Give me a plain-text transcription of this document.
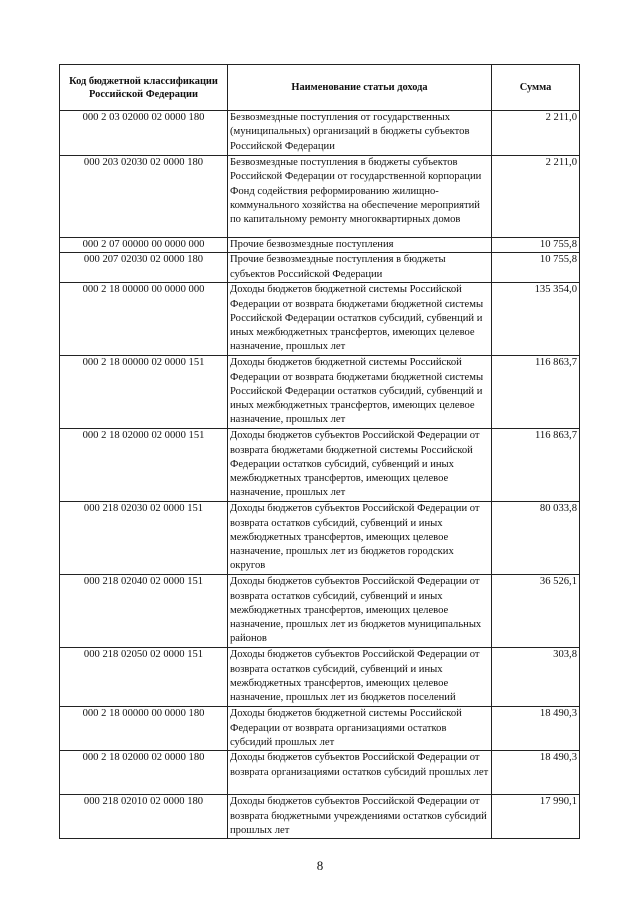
Код бюджетной классификации Российской Федерации	Наименование статьи дохода	Сумма
000 2 03 02000 02 0000 180	Безвозмездные поступления от государственных (муниципальных) организаций в бюджеты субъектов Российской Федерации	2 211,0
000 203 02030 02 0000 180	Безвозмездные поступления в бюджеты субъектов Российской Федерации от государственной корпорации Фонд содействия реформированию жилищно-коммунального хозяйства на обеспечение мероприятий по капитальному ремонту многоквартирных домов	2 211,0
000 2 07 00000 00 0000 000	Прочие безвозмездные поступления	10 755,8
000 207 02030 02 0000 180	Прочие безвозмездные поступления в бюджеты субъектов Российской Федерации	10 755,8
000 2 18 00000 00 0000 000	Доходы бюджетов бюджетной системы Российской Федерации от возврата бюджетами бюджетной системы Российской Федерации остатков субсидий, субвенций и иных межбюджетных трансфертов, имеющих целевое назначение, прошлых лет	135 354,0
000 2 18 00000 02 0000 151	Доходы бюджетов бюджетной системы Российской Федерации от возврата бюджетами бюджетной системы Российской Федерации остатков субсидий, субвенций и иных межбюджетных трансфертов, имеющих целевое назначение, прошлых лет	116 863,7
000 2 18 02000 02 0000 151	Доходы бюджетов субъектов Российской Федерации от возврата бюджетами бюджетной системы Российской Федерации остатков субсидий, субвенций и иных межбюджетных трансфертов, имеющих целевое назначение, прошлых лет	116 863,7
000 218 02030 02 0000 151	Доходы бюджетов субъектов Российской Федерации от возврата остатков субсидий, субвенций и иных межбюджетных трансфертов, имеющих целевое назначение, прошлых лет из бюджетов городских округов	80 033,8
000 218 02040 02 0000 151	Доходы бюджетов субъектов Российской Федерации от возврата остатков субсидий, субвенций и иных межбюджетных трансфертов, имеющих целевое назначение, прошлых лет из бюджетов муниципальных районов	36 526,1
000 218 02050 02 0000 151	Доходы бюджетов субъектов Российской Федерации от возврата остатков субсидий, субвенций и иных межбюджетных трансфертов, имеющих целевое назначение, прошлых лет из бюджетов поселений	303,8
000 2 18 00000 00 0000 180	Доходы бюджетов бюджетной системы Российской Федерации от возврата организациями остатков субсидий прошлых лет	18 490,3
000 2 18 02000 02 0000 180	Доходы бюджетов субъектов Российской Федерации от возврата организациями остатков субсидий прошлых лет	18 490,3
000 218 02010 02 0000 180	Доходы бюджетов субъектов Российской Федерации от возврата бюджетными учреждениями остатков субсидий прошлых лет	17 990,1
8
